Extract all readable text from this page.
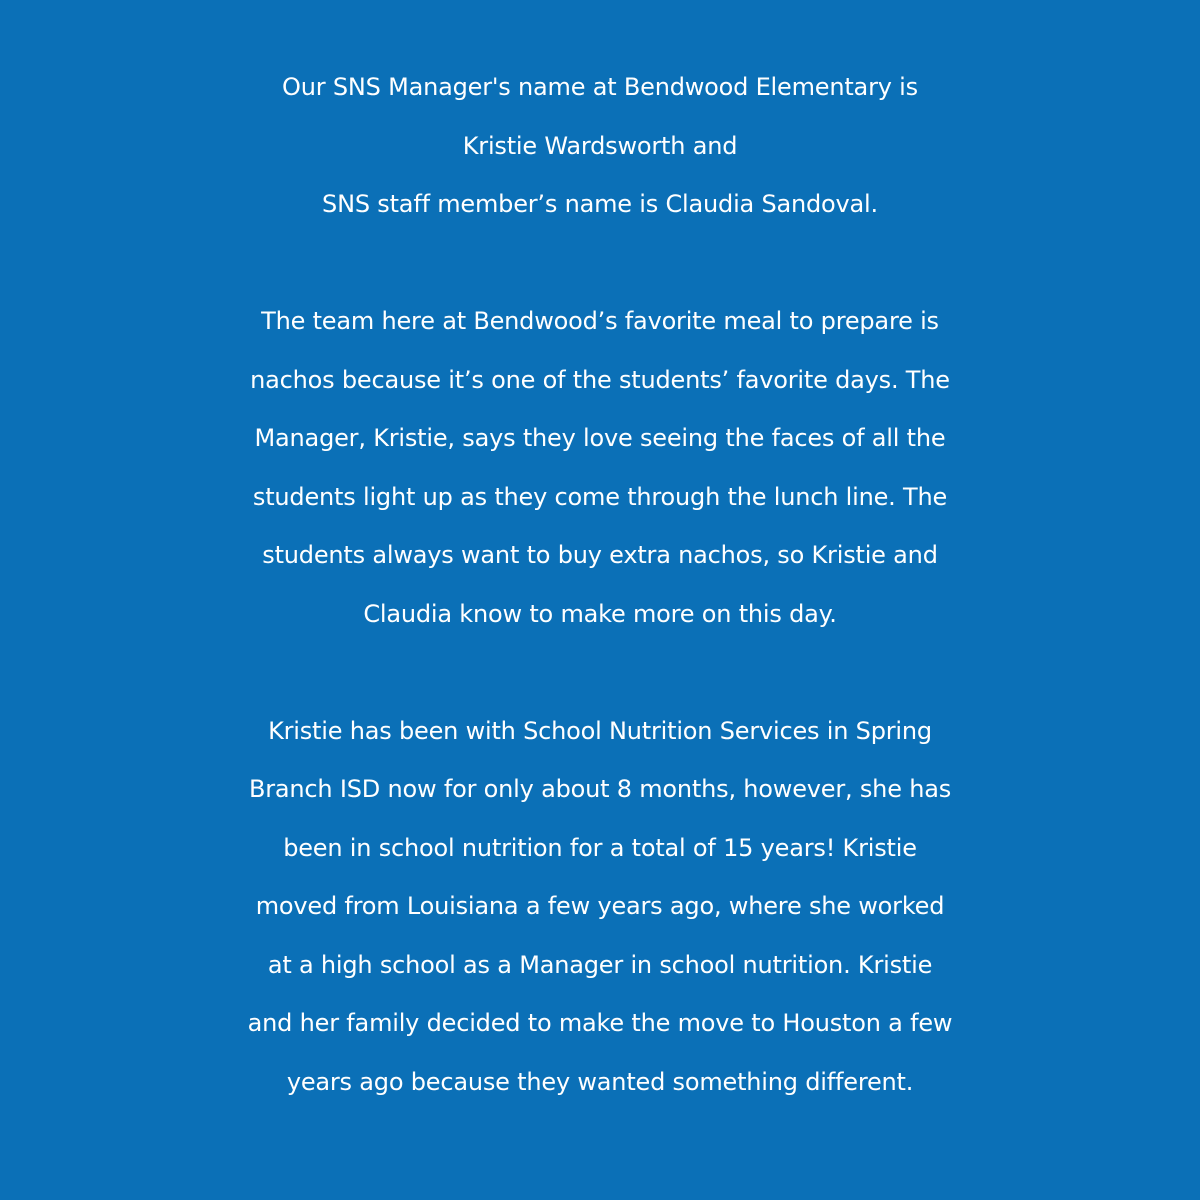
Our SNS Manager's name at Bendwood Elementary is
Kristie Wardsworth and
SNS staff member’s name is Claudia Sandoval.
The team here at Bendwood’s favorite meal to prepare is
nachos because it’s one of the students’ favorite days. The
Manager, Kristie, says they love seeing the faces of all the
students light up as they come through the lunch line. The
students always want to buy extra nachos, so Kristie and
Claudia know to make more on this day.
Kristie has been with School Nutrition Services in Spring
Branch ISD now for only about 8 months, however, she has
been in school nutrition for a total of 15 years! Kristie
moved from Louisiana a few years ago, where she worked
at a high school as a Manager in school nutrition. Kristie
and her family decided to make the move to Houston a few
years ago because they wanted something different.
